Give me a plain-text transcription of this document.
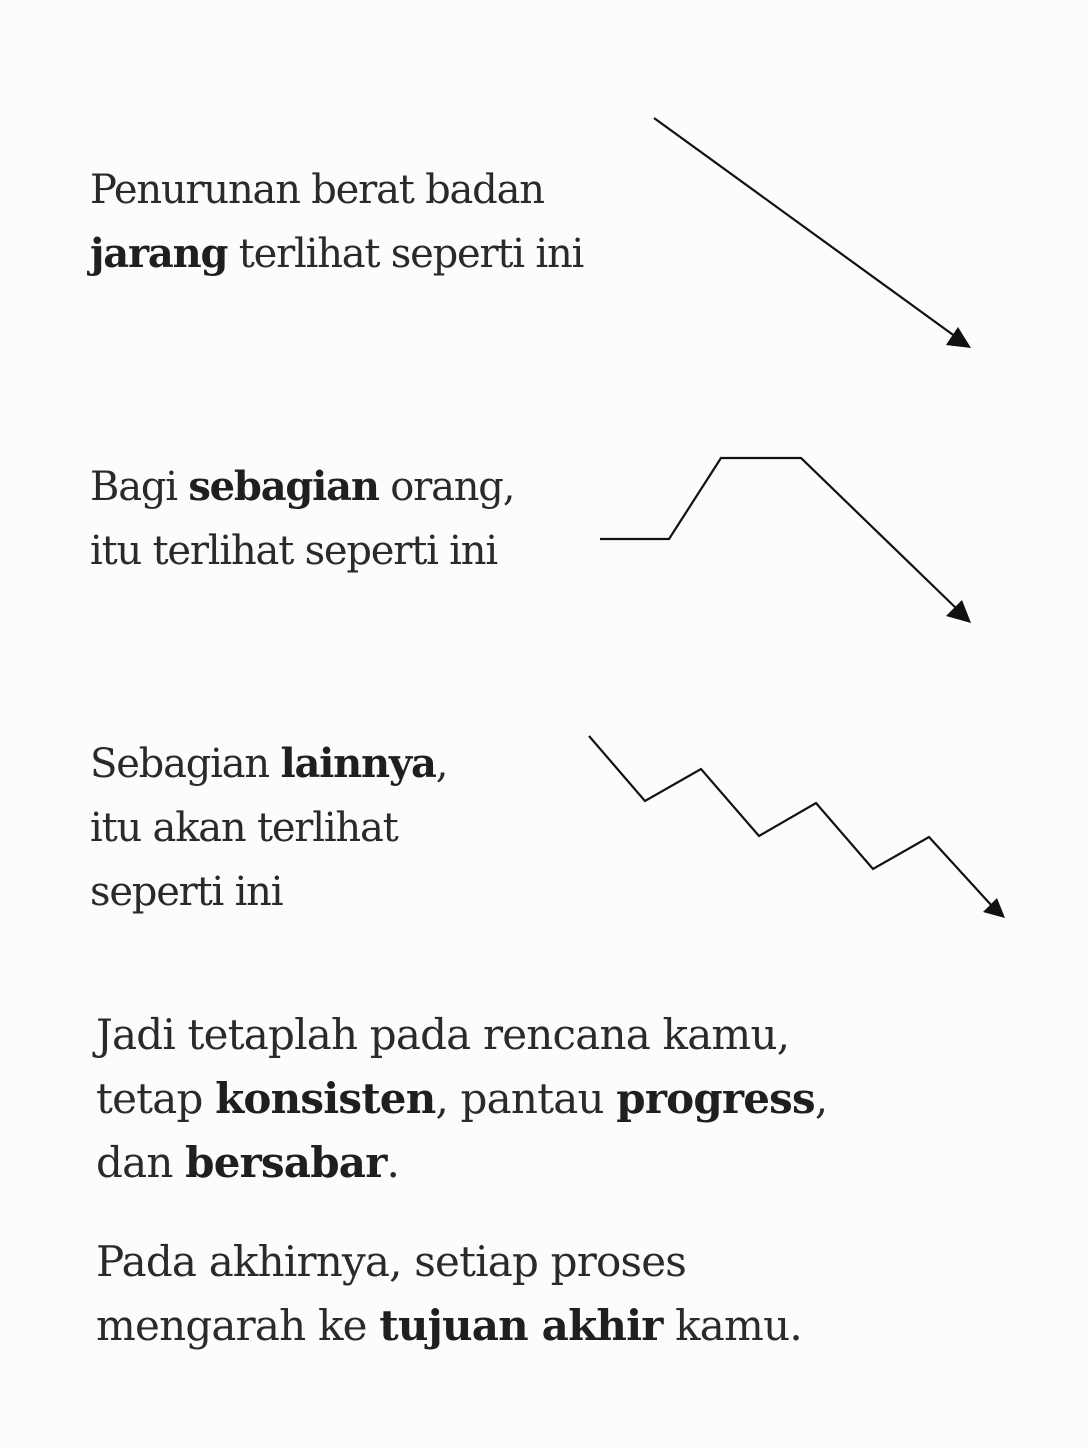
Penurunan berat badan
jarang terlihat seperti ini

Bagi sebagian orang,
itu terlihat seperti ini

Sebagian lainnya,
itu akan terlihat
seperti ini

Jadi tetaplah pada rencana kamu,
tetap konsisten, pantau progress,
dan bersabar.

Pada akhirnya, setiap proses
mengarah ke tujuan akhir kamu.
